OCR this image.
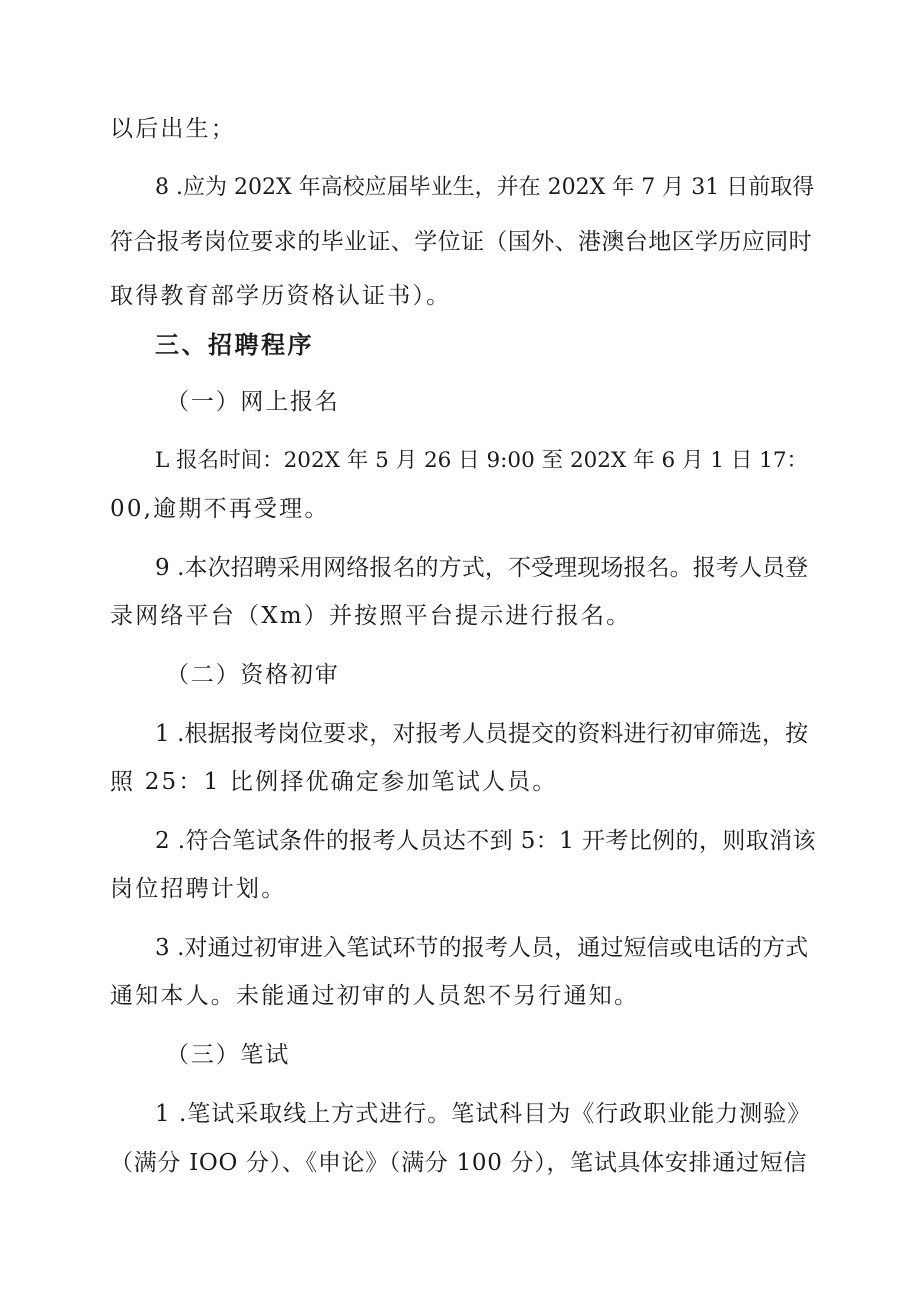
以后出生；
8 .应为 202X 年高校应届毕业生，并在 202X 年 7 月 31 日前取得
符合报考岗位要求的毕业证、学位证（国外、港澳台地区学历应同时
取得教育部学历资格认证书）。
三、招聘程序
（一）网上报名
L 报名时间：202X 年 5 月 26 日 9:00 至 202X 年 6 月 1 日 17：
00,逾期不再受理。
9 .本次招聘采用网络报名的方式，不受理现场报名。报考人员登
录网络平台（Xm）并按照平台提示进行报名。
（二）资格初审
1 .根据报考岗位要求，对报考人员提交的资料进行初审筛选，按
照 25：1 比例择优确定参加笔试人员。
2 .符合笔试条件的报考人员达不到 5：1 开考比例的，则取消该
岗位招聘计划。
3 .对通过初审进入笔试环节的报考人员，通过短信或电话的方式
通知本人。未能通过初审的人员恕不另行通知。
（三）笔试
1 .笔试采取线上方式进行。笔试科目为《行政职业能力测验》
（满分 IOO 分）、《申论》（满分 100 分），笔试具体安排通过短信
